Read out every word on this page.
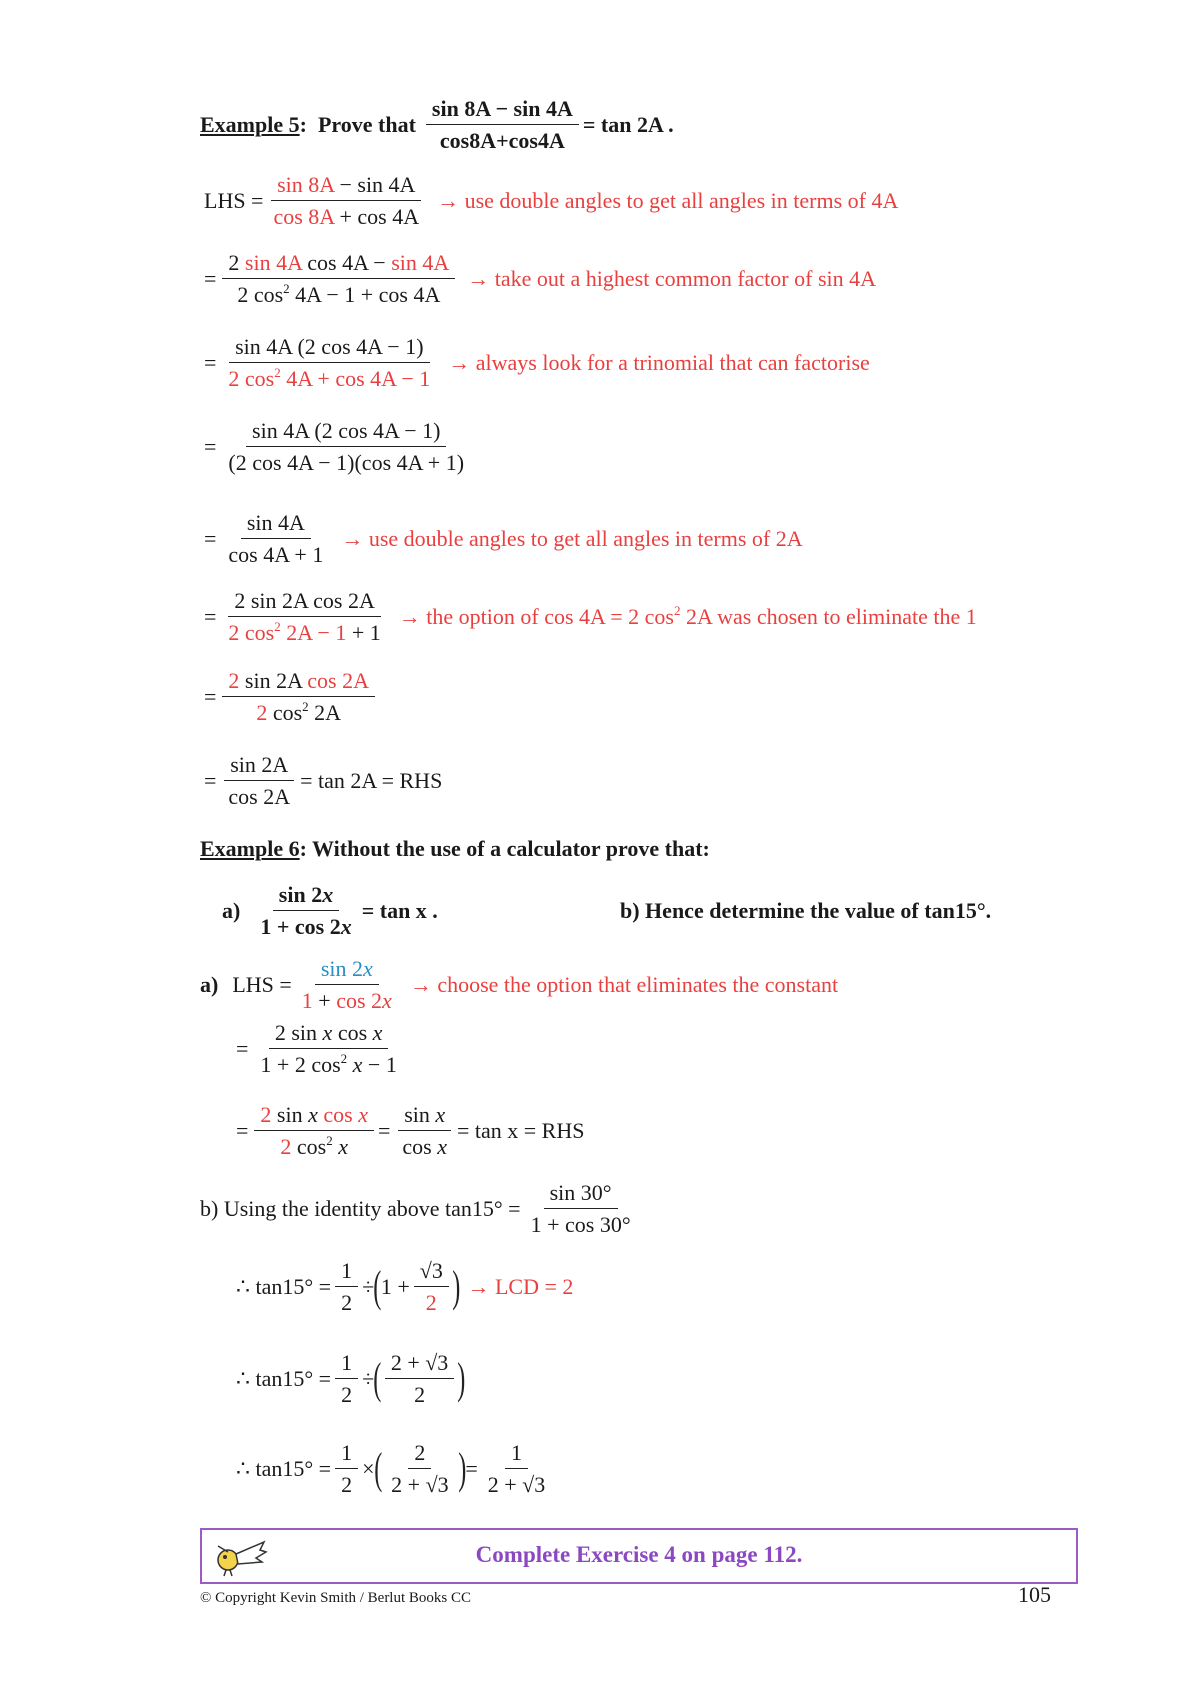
Example 5 : Prove that $\frac{\sin 8A - \sin 4A}{\cos 8A+\cos 4A} = \tan 2A$ .
LHS = $\frac{\sin 8A - \sin 4A}{\cos 8A + \cos 4A}$ → use double angles to get all angles in terms of 4A
= $\frac{\text{2 sin 4A cos 4A − sin 4A}}{2 \cos^2 4A - 1 + \cos 4A}$ → take out a highest common factor of sin 4A
= $\frac{\sin 4A (2 \cos 4A - 1)}{2 \cos^2 4A + \cos 4A - 1}$ → always look for a trinomial that can factorise
= $\frac{\sin 4A (2 \cos 4A - 1)}{(2 \cos 4A - 1)(\cos 4A + 1)}$
= $\frac{\sin 4A}{\cos 4A + 1}$ → use double angles to get all angles in terms of 2A
= $\frac{\text{2 sin 2A cos 2A}}{2 \cos^2 2A - 1 + 1}$ → the option of cos 4A = 2 $\cos^2 2A$ was chosen to eliminate the 1
= $\frac{\text{2 sin 2A cos 2A}}{2 \cos^2 2A}$
= $\frac{\sin 2A}{\cos 2A} = \tan 2A$ = RHS
Example 6 : Without the use of a calculator prove that:
$a) \frac{\sin 2x}{1 + \cos 2x} = \tan x$ .	b) Hence determine the value of tan15°.
a) LHS = $\frac{\sin 2x}{1 + \cos 2x}$ → choose the option that eliminates the constant
= $\frac{\text{2 sin x cos x}}{1 + 2 \cos^2 x - 1}$
= $\frac{\text{2 sin x cos x}}{2 \cos^2 x} = \frac{\text{sin x}}{\text{cos x}} = \tan x$ = RHS
b) Using the identity above $\tan 15^\circ = \frac{\sin 30^\circ}{1 + \cos 30^\circ}$
∴ $\tan 15^\circ = \frac{1}{2}$ ÷ ( $1 + \frac{√3}{2}$ ) → LCD = 2
∴ $\tan 15^\circ = \frac{1}{2}$ ÷ ( $\frac{2 + √3}{2}$ )
∴ $\tan 15^\circ = \frac{1}{2}$ × ( $\frac{2}{2 + √3}$ ) = $\frac{1}{2 + √3}$
Complete Exercise 4 on page 112.
© Copyright Kevin Smith / Berlut Books CC	105
